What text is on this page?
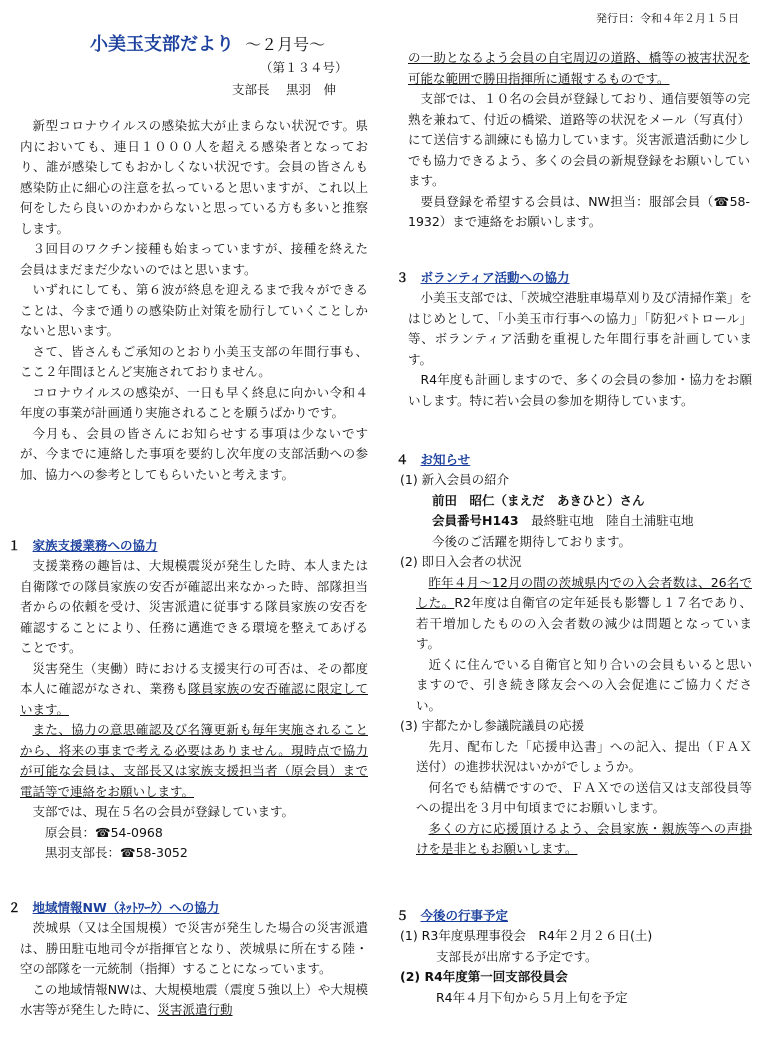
発行日：令和４年２月１５日
小美玉支部だより ～２月号～
（第１３４号）
支部長　 黒羽　伸

新型コロナウイルスの感染拡大が止まらない状況です。県内においても、連日１０００人を超える感染者となっており、誰が感染してもおかしくない状況です。会員の皆さんも感染防止に細心の注意を払っていると思いますが、これ以上何をしたら良いのかわからないと思っている方も多いと推察します。

３回目のワクチン接種も始まっていますが、接種を終えた会員はまだまだ少ないのではと思います。

いずれにしても、第６波が終息を迎えるまで我々ができることは、今まで通りの感染防止対策を励行していくことしかないと思います。

さて、皆さんもご承知のとおり小美玉支部の年間行事も、ここ２年間ほとんど実施されておりません。

コロナウイルスの感染が、一日も早く終息に向かい令和４年度の事業が計画通り実施されることを願うばかりです。

今月も、会員の皆さんにお知らせする事項は少ないですが、今までに連絡した事項を要約し次年度の支部活動への参加、協力への参考としてもらいたいと考えます。

１ 家族支援業務への協力

支援業務の趣旨は、大規模震災が発生した時、本人または自衛隊での隊員家族の安否が確認出来なかった時、部隊担当者からの依頼を受け、災害派遣に従事する隊員家族の安否を確認することにより、任務に邁進できる環境を整えてあげることです。

災害発生（実働）時における支援実行の可否は、その都度本人に確認がなされ、業務も隊員家族の安否確認に限定しています。

また、協力の意思確認及び名簿更新も毎年実施されることから、将来の事まで考える必要はありません。現時点で協力が可能な会員は、支部長又は家族支援担当者（原会員）まで電話等で連絡をお願いします。

支部では、現在５名の会員が登録しています。

原会員：☎54-0968

黒羽支部長：☎58-3052

２ 地域情報NW（ﾈｯﾄﾜｰｸ）への協力

茨城県（又は全国規模）で災害が発生した場合の災害派遣は、勝田駐屯地司令が指揮官となり、茨城県に所在する陸・空の部隊を一元統制（指揮）することになっています。

この地域情報NWは、大規模地震（震度５強以上）や大規模水害等が発生した時に、災害派遣行動

の一助となるよう会員の自宅周辺の道路、橋等の被害状況を可能な範囲で勝田指揮所に通報するものです。

支部では、１０名の会員が登録しており、通信要領等の完熟を兼ねて、付近の橋梁、道路等の状況をメール（写真付）にて送信する訓練にも協力しています。災害派遣活動に少しでも協力できるよう、多くの会員の新規登録をお願いしています。

要員登録を希望する会員は、NW担当：服部会員（☎58-1932）まで連絡をお願いします。

３ ボランティア活動への協力

小美玉支部では、「茨城空港駐車場草刈り及び清掃作業」をはじめとして、「小美玉市行事への協力」「防犯パトロール」等、ボランティア活動を重視した年間行事を計画しています。

R4年度も計画しますので、多くの会員の参加・協力をお願いします。特に若い会員の参加を期待しています。

４ お知らせ

(1) 新入会員の紹介

前田　昭仁（まえだ　あきひと）さん

会員番号H143　 最終駐屯地　陸自土浦駐屯地

今後のご活躍を期待しております。

(2) 即日入会者の状況

昨年４月～12月の間の茨城県内での入会者数は、26名でした。R2年度は自衛官の定年延長も影響し１７名であり、若干増加したものの入会者数の減少は問題となっています。

近くに住んでいる自衛官と知り合いの会員もいると思いますので、引き続き隊友会への入会促進にご協力ください。

(3) 宇都たかし参議院議員の応援

先月、配布した「応援申込書」への記入、提出（ＦＡＸ送付）の進捗状況はいかがでしょうか。

何名でも結構ですので、ＦＡＸでの送信又は支部役員等への提出を３月中旬頃までにお願いします。

多くの方に応援頂けるよう、会員家族・親族等への声掛けを是非ともお願いします。

５ 今後の行事予定

(1) R3年度県理事役会　R4年２月２６日(土)

支部長が出席する予定です。

(2) R4年度第一回支部役員会

R4年４月下旬から５月上旬を予定
